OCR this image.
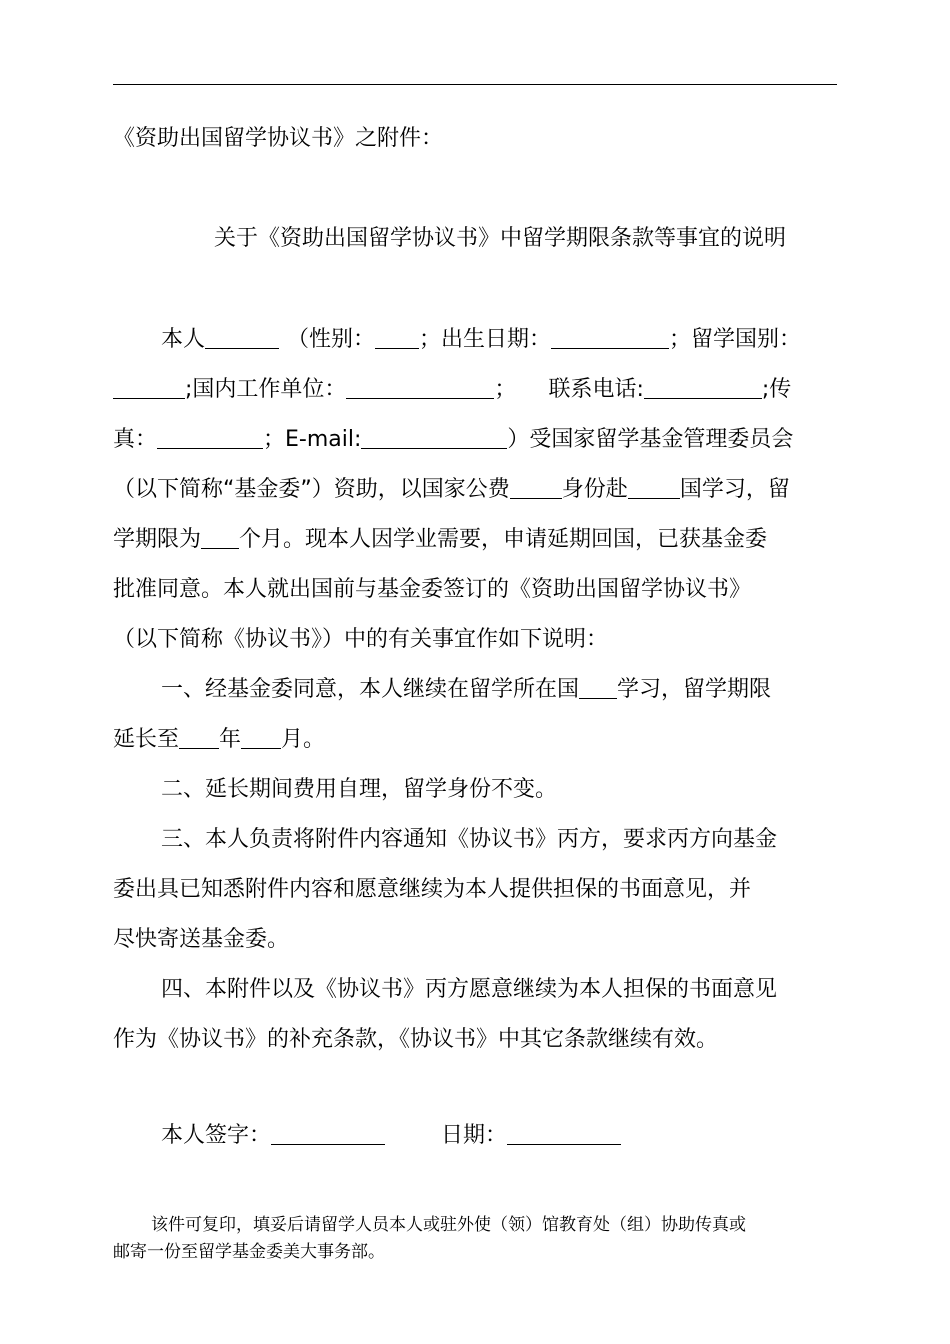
《资助出国留学协议书》之附件：
关于《资助出国留学协议书》中留学期限条款等事宜的说明
本人	（性别： ；出生日期：	；留学国别：
;国内工作单位：	； 联系电话:	;传
真：	；E-mail:	）受国家留学基金管理委员会
（以下简称“基金委”）资助，以国家公费 身份赴 国学习，留
学期限为 个月。现本人因学业需要，申请延期回国，已获基金委
批准同意。本人就出国前与基金委签订的《资助出国留学协议书》
（以下简称《协议书》）中的有关事宜作如下说明：
一、经基金委同意，本人继续在留学所在国 学习，留学期限
延长至 年 月。
二、延长期间费用自理，留学身份不变。
三、本人负责将附件内容通知《协议书》丙方，要求丙方向基金
委出具已知悉附件内容和愿意继续为本人提供担保的书面意见，并
尽快寄送基金委。
四、本附件以及《协议书》丙方愿意继续为本人担保的书面意见
作为《协议书》的补充条款，《协议书》中其它条款继续有效。
本人签字：	日期：
该件可复印，填妥后请留学人员本人或驻外使（领）馆教育处（组）协助传真或
邮寄一份至留学基金委美大事务部。
